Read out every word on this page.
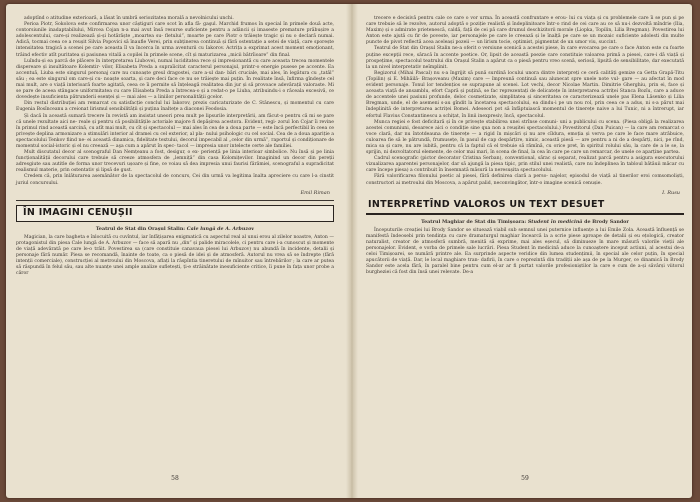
adoptînd o atitudine exterioară, a lăsat în umbră seriozitatea morală a nevolnicului unchi.

Perioa Piotr, Sokolova este confirmarea unor câștiguri care scot în afla fă- gaşul. Marchid frumos în special în primele două acte, contorsiunile inadaptabilului, Mircea Cojan n-a mai avut însă resurse suficiente pentru a adâncii și imaseste premature prăbușire a adolescentului, care-și realizează și-și hotărăște „moartea su- fletului”, moarte pe care Piotr o trăiește tragic și nu o declară numai. Adică, tocmai ceea ce a reușit Silvia Popovici să înaufle Verei, prin subținerea continuă și fără ostentație a setei de viață, care sporește intensitatea tragică a scenei pe care aceasta îl va încerca în urma aventurii cu Iakorov. Actrița a exprimat acest moment emoționant, trăind efectiv atît puritatea și pasiunea vitală a copilei în primele scene, cît și maturizarea „micii bătrîioare” din final.

Luîndu-și ea parcă de plăcere în interpretarea Liubovei, numai luciditatea rece și impresionantă cu care aceasta trecea momentele dispereare și insultătoare Kolemtir- vilor, Elisabeta Preda a supraîicitat caracterul personajul, printr-o energie pusese pe accente. Ea accentuă, Liuba este singurul personaj care nu cunoaște greul dragostei, care a-ul dan- bări cruciale, mai ales, în legătura cu „tatăl” său ; ea este singurul om care-și cu- noaște soarta, și care deci face ce nu se trăiește mai puțin. În realitate însă, înfirma gîndește cel mai mult, are o viață interioară foarte agitată, ceea ce îi permite să înțeleagă realitatea din jur și să provoace adevărații valoraste. Mi se pare de aceea stângace uniformitatea cu care Elisabeta Preda a întrecea-o și a redat-o pe Liuba, atribuindu-i o răceala excesivă, ce dovedește insuficienta pătrunderii esenței și — mai ales — a liniilor personalității gcelor.

Din restul distribuției am remarcat cu satisfacție conclul lui Iakorov, prezis caricaturizate de C. Stănescu, și momentul cu care Eugenia Bosînceanu a creionat lirismul sensibilității și puțina înaltețe a diaconei Feodosia.

Și dacă în această sumară trecere în revistă am insistat uneori prea mult pe lipsurile interpretării, am făcut-o pentru că mi se pare că unele rezultate aici ne- reale și pentru că posibilitățile actoriale majore fi depășirea acestora. Evident, regi- zorul Ion Cojar îi revine în primul rind această sarcină, cu atît mai mult, cu cît și spectacolul — mai ales în cea de a doua parte — este încă perfectibil în ceea ce privește deplina armonizare a stimulări interior al dramei cu cel exterior, al pla- nului psihologic cu cel social. Cea de a doua apariție a spectacolului Tenkov fiind ne- ei această dinamica, fidelitate textului, decorul impecabil al „celor din urmă”, raportul și condiționare de momentul social-istoric și el nu creează — aşa cum a apărut în spec- tacol — impresia unor intelecte certe ale familiei.

Mult discutatul decor al scenograful Dan Nemțeanu a fost, desigur, o ex- periență pe linia interioar simbolice. Nu însă și pe linia funcționalității decorului care trebuie să creeze atmosfera de „lemniță” din casa Kolomițevilor. Imaginind un decor din pereții adresgiute sau autitle de forma unor trecevuri ușoare și fine, ce voiau să dea impresia unui faurisi fărămiei, scenograful a supradicitat realismul materie, prin ostentativ și lipsă de gust.

Credem că, prin înlăturarea asemănător de la spectacolul de concurs, Cei din urmă va legitima înalta apreciere cu care l-a cinstit juriul concursului.

Emil Riman
ÎN IMAGINI CENUȘII
Teatrul de Stat din Orașul Stalin: Cale lungă de A. Arbuzov

Magician, la care bagheta e înlocuită cu cuvîntul, iar înfățișarea enigmatică cu aspectul real al unui erou al zilelor noastre, Anton — protagonistul din piesa Cale lungă de A. Arbuzov — face să apară nu „din” și palide miracolele, ci pentru care i-a cunoscut și momente de viață adevărată pe care le-o trăit. Povestirea sa (care constituie canavaua piesei lui Arbuzov) nu abundă în incidente, detalii și personaje fără număr. Piesa se recomandă, înainte de toate, ca o piesă de idei și de atmosferă. Autorul nu vrea să se îndrepte (fără intenții comerciale), construcției al metroului din Moscova, aflați la răspîntia tineretului de mînuitor sau întrebărilor ; la care ar putea să răspundă în felul său, sau alte nuanțe unei ample analize sufletești, ți-e străinătate inesuficiente critice, îi pune în fața unor probe a căror

58

trecere e decisivă pentru cale ce care o vor urma. În această confruntare e erou- lui cu viața și cu problemele care îi se pun și pe care trebuie să le rezolve, autorul adoptă o poziție realistă și îndeplinitoare într-o rind de cei care au ce să nu-i dezvoltă mîndrie (Ilia, Maxim) și o admirate prietenescă, caldă, față de cei pă care drumul deschizitorii morale (Liopka, Topilin, Lilia Bregman). Povestirea lui Anton este ajută cu fir de poveste, iar personajele pe care le creează și le înalță pe care se un mozaic suficiente adolesti din multe puncte de pivot reflectă acea aceleași pozeii — un lirism tocie, optimist, pigmentat de un umor viu, succint.

Teatrul de Stat din Orașul Stalin ne-a oferit o versiune scenică a acestei piese, în care evocarea pe care o face Anton este cu foarte puține excepții rece, săracă în accente poetice. Or, lipsit de această poezie care constituie valoarea primă a piesei, care-i dă viață și prospețime, spectacolul teatrului din Orașul Stalin a apărut ca o piesă pentru vreo scenă, seriosă, lipsită de sensibilitate, dar executată la un nivel interpretativ neîmplinit.

Regizorul (Mihai Pascal) nu s-a îngrijit să pună surdină locului unora dintre interpreți ce ceră calități gemize ca Getta Grapă-Titu (Topilin) și E. Mihăilă- Brașoveanu (Maxim) care — împreună continuă sau alunecat spre unele note vul- gare — au afectat în mod evident personaje. Tonul lor tendențios se suprapune al scenei. Lot vechi, decor Nicolae Martin. Dimitrie Gherghiu, prin ei, face și aceasta viață de ansamblu, efort Capră și puțină, se fac reprezentați de delicatețe în interpretarea actriței Stanca Bozîu, care a aduce de accentele unei pasiuni profunde, deloc cosmetizate, simplitatea și sinceritatea ce caracterizează unele pas Elena Lăsenko și Lilia Bregman, unde, el de asemeni s-au gîndit la încetarea spectacolului, ea dindu-i pe un nou rol, prin ceea ce a adus, ni s-a părut mai îndeplinită de interpretarea actriței Bomei. Adeseori pot să înfăptuiască momentul de tinerețe naive a lui Tunic, ni a întrerupt, iar efortul Flavius Constantinescu a schițat, în linii inexpresiv, încă, spectacolul.

Munca regiei e fost deficitară și în ce privește stabilirea unei strînse comuni- uni a publicului cu scena. (Piesa obligă la realizarea acestei comuniuni, deoarece aici o condiție sine qua non a reușitei spectacolului.) Povestitorul (Dan Puican) — la care am remarcat o voce clară, dar nu întotdeauna de tinerețe — a rigid în mișcări și nu are cîldura, emoția și verva pe care le face mare atrăbuice, culoarea fie să le pătrundă, frumusețe, în pasul de cap despărțire, nimic, această piesă — are pentru a ni de a despărți, nici, pe rînd, mica sa și care, nu are iubită, pentru că la faptul că el trebuie să rămînă, cu orice pret, în spiritul rolului său, la care de a le se, la sprijin, ni dezvoltatorul elemente, de celor mai mari, în scena de final, la cea în care pe care un remarcar, de unele ce aparține partea.

Cadrul scenografic (pictor decorator Cristina Serban), conventional, sărac și separat, realizat parcă pentru a asigura executorului vizualizarea aparentei personajelor, dar să ajungă la piesa tipic, prin stilul unei realistă, care nu îndeplinea în tabloul bătăuii măcar cu care începe piesa) a contribuit în însemnată măsură la neresușita spectacolului.

Fără valorificarea filonului poetic al piesei, fără definirea clară a perso- najelor, episodul de viață al tinerilor eroi comsomoliști, constructori ai metroului din Moscova, a apărut palid, neconvingător, într-o imagine scenică cenușie.

I. Rusu
INTERPRETÎND VALOROS UN TEXT DESUET
Teatrul Maghiar de Stat din Timișoara: Student în medicină de Brody Sandor

Începuturile creației lui Brody Sandor se situează viabil sub semnul unei puternice influențe a lui Emile Zola. Această înfluență se manifestă îndeosebi prin tendința cu care dramaturgul maghiar încearcă la a scrie piese aproape de detalii și eu ețologică, creator naturalist, creator de atmosferă sumbră, menită să exprime, mai ales eșecul, să diminueze în mare măsură valorile vieții ale personajelor. Evident, e vorba de primele sale lucrări. Piesa Student în medicină aduce la cunoaștere inceput actiuni, al acestui de-a celoi Timișoarei, se numără printre ale. Ea surprinde aspecte veridice din lumea studențimii, în special ale celor puțin, în special apucătorii de viață. Dar, le local maghiare tran- dafirii, în care o reprezintă din tradiții ale așa de pe la Murger, ce dinamică în Brody Sandor este acela fără, în paralel bine pentru cum el-ar ar fi purtat valorile profesioniștilor la care e cum de a-și săvârși viitorul burgheziei că fost din însă unei relevate. De-a

59
